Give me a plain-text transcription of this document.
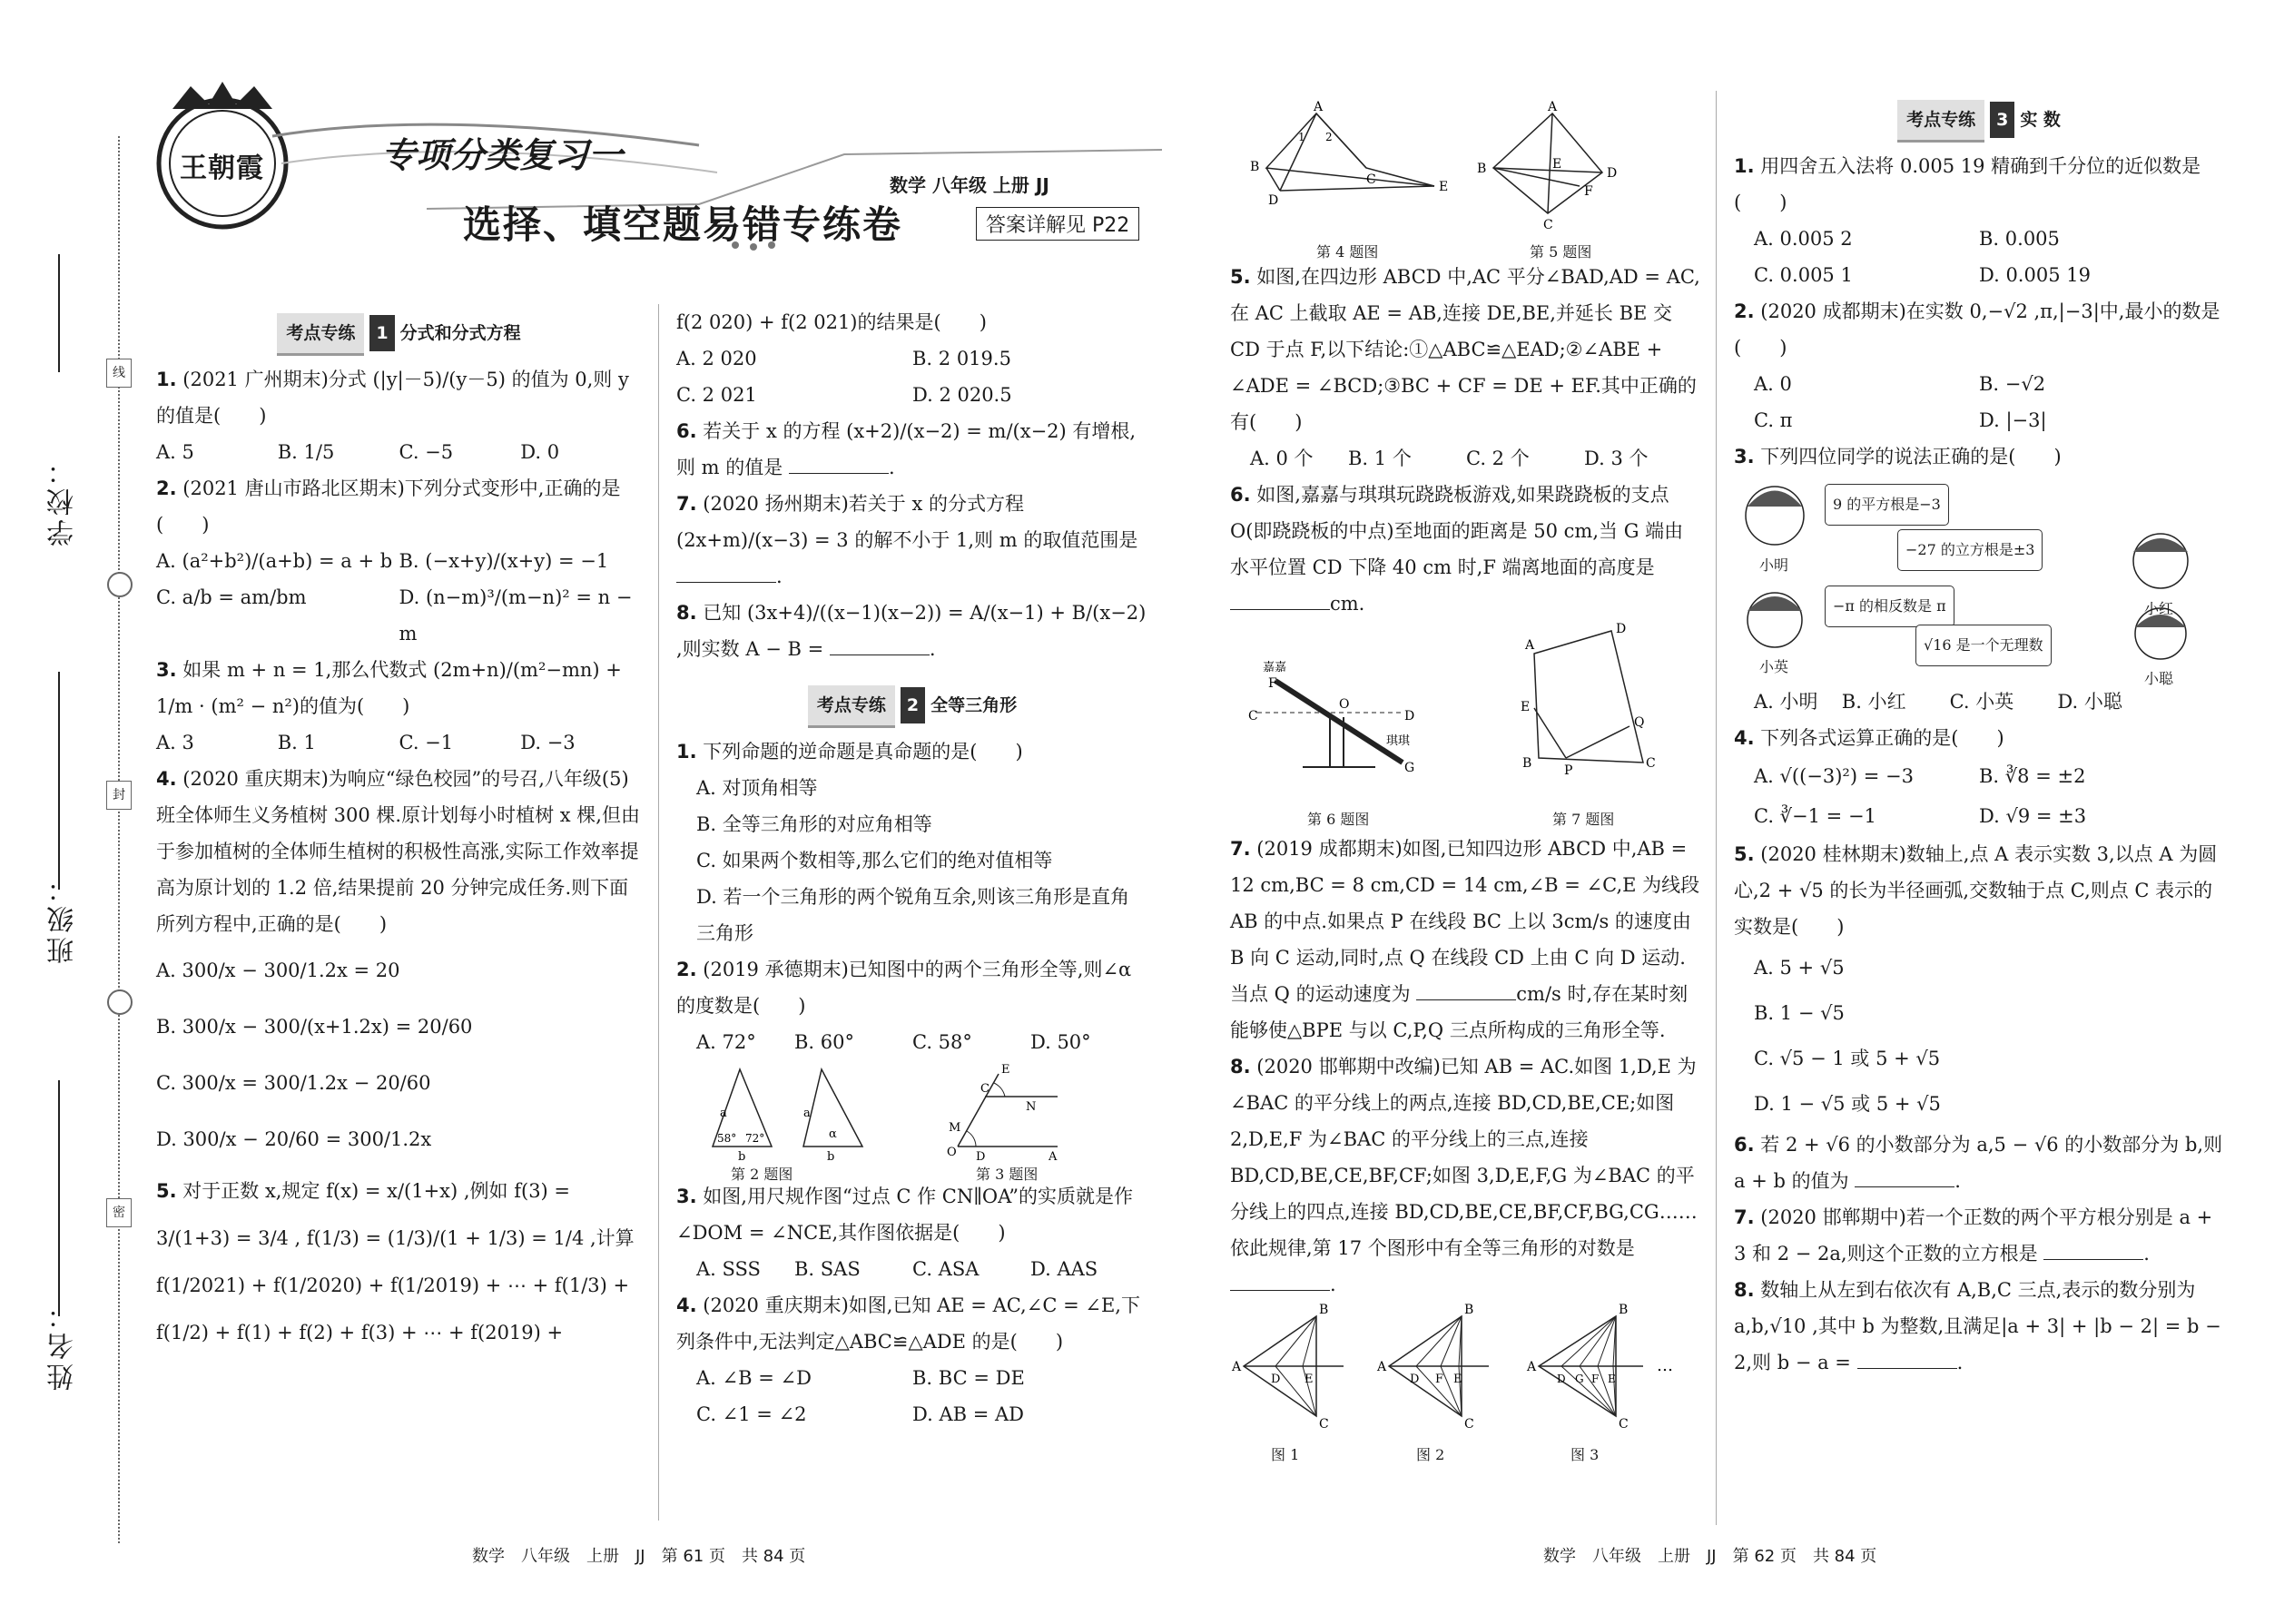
学校：
班级：
姓名：
线
封
密
王朝霞	专项分类复习一
选择、填空题易错专练卷
数学 八年级 上册 JJ
答案详解见 P22
考点专练 1 分式和分式方程

1. (2021 广州期末)分式 (|y|－5)/(y－5) 的值为 0,则 y 的值是(　　)

A. 5	B. 1/5	C. −5	D. 0

2. (2021 唐山市路北区期末)下列分式变形中,正确的是(　　)

A. (a²+b²)/(a+b) = a + b B. (−x+y)/(x+y) = −1
C. a/b = am/bm	D. (n−m)³/(m−n)² = n − m

3. 如果 m + n = 1,那么代数式 (2m+n)/(m²−mn) + 1/m · (m² − n²)的值为(　　)

A. 3	B. 1	C. −1	D. −3

4. (2020 重庆期末)为响应“绿色校园”的号召,八年级(5)班全体师生义务植树 300 棵.原计划每小时植树 x 棵,但由于参加植树的全体师生植树的积极性高涨,实际工作效率提高为原计划的 1.2 倍,结果提前 20 分钟完成任务.则下面所列方程中,正确的是(　　)

A. 300/x − 300/1.2x = 20
B. 300/x − 300/(x+1.2x) = 20/60
C. 300/x = 300/1.2x − 20/60
D. 300/x − 20/60 = 300/1.2x

5. 对于正数 x,规定 f(x) = x/(1+x) ,例如 f(3) = 3/(1+3) = 3/4 , f(1/3) = (1/3)/(1 + 1/3) = 1/4 ,计算 f(1/2021) + f(1/2020) + f(1/2019) + ⋯ + f(1/3) + f(1/2) + f(1) + f(2) + f(3) + ⋯ + f(2019) +

f(2 020) + f(2 021)的结果是(　　)

A. 2 020	B. 2 019.5
C. 2 021	D. 2 020.5

6. 若关于 x 的方程 (x+2)/(x−2) = m/(x−2) 有增根,则 m 的值是	.

7. (2020 扬州期末)若关于 x 的分式方程 (2x+m)/(x−3) = 3 的解不小于 1,则 m 的取值范围是 .

8. 已知 (3x+4)/((x−1)(x−2)) = A/(x−1) + B/(x−2) ,则实数 A − B =	.

考点专练 2 全等三角形

1. 下列命题的逆命题是真命题的是(　　)

A. 对顶角相等
B. 全等三角形的对应角相等
C. 如果两个数相等,那么它们的绝对值相等
D. 若一个三角形的两个锐角互余,则该三角形是直角三角形

2. (2019 承德期末)已知图中的两个三角形全等,则∠α 的度数是(　　)

A. 72°	B. 60°	C. 58°	D. 50°
a
b
58° 72°
a
b
α
O	A
M
C
E
N
D
第 2 题图	第 3 题图

3. 如图,用尺规作图“过点 C 作 CN∥OA”的实质就是作∠DOM = ∠NCE,其作图依据是(　　)

A. SSS	B. SAS	C. ASA	D. AAS

4. (2020 重庆期末)如图,已知 AE = AC,∠C = ∠E,下列条件中,无法判定△ABC≌△ADE 的是(　　)

A. ∠B = ∠D	B. BC = DE
C. ∠1 = ∠2	D. AB = AD
A
B
D
C	E
1 2
A
B
C
D
E
F
第 4 题图	第 5 题图

5. 如图,在四边形 ABCD 中,AC 平分∠BAD,AD = AC,在 AC 上截取 AE = AB,连接 DE,BE,并延长 BE 交 CD 于点 F,以下结论:①△ABC≌△EAD;②∠ABE + ∠ADE = ∠BCD;③BC + CF = DE + EF.其中正确的有(　　)

A. 0 个	B. 1 个	C. 2 个	D. 3 个

6. 如图,嘉嘉与琪琪玩跷跷板游戏,如果跷跷板的支点 O(即跷跷板的中点)至地面的距离是 50 cm,当 G 端由水平位置 CD 下降 40 cm 时,F 端离地面的高度是 cm.

O
F
C	D
G
嘉嘉
琪琪
A
D
E
B	P	C
Q
第 6 题图	第 7 题图

7. (2019 成都期末)如图,已知四边形 ABCD 中,AB = 12 cm,BC = 8 cm,CD = 14 cm,∠B = ∠C,E 为线段 AB 的中点.如果点 P 在线段 BC 上以 3cm/s 的速度由 B 向 C 运动,同时,点 Q 在线段 CD 上由 C 向 D 运动.当点 Q 的运动速度为	cm/s 时,存在某时刻能够使△BPE 与以 C,P,Q 三点所构成的三角形全等.

8. (2020 邯郸期中改编)已知 AB = AC.如图 1,D,E 为∠BAC 的平分线上的两点,连接 BD,CD,BE,CE;如图 2,D,E,F 为∠BAC 的平分线上的三点,连接 BD,CD,BE,CE,BF,CF;如图 3,D,E,F,G 为∠BAC 的平分线上的四点,连接 BD,CD,BE,CE,BF,CF,BG,CG……依此规律,第 17 个图形中有全等三角形的对数是 .

A
B
C
D E
A
B
C
D F E
A
B
C
D G F E
…
图 1	图 2	图 3
考点专练 3 实 数

1. 用四舍五入法将 0.005 19 精确到千分位的近似数是(　　)

A. 0.005 2	B. 0.005
C. 0.005 1	D. 0.005 19

2. (2020 成都期末)在实数 0,−√2 ,π,|−3|中,最小的数是(　　)

A. 0	B. −√2
C. π	D. |−3|

3. 下列四位同学的说法正确的是(　　)

9 的平方根是−3
−27 的立方根是±3
−π 的相反数是 π
√16 是一个无理数
小明
小红
小英
小聪
A. 小明	B. 小红	C. 小英	D. 小聪

4. 下列各式运算正确的是(　　)

A. √((−3)²) = −3	B. ∛8 = ±2
C. ∛−1 = −1	D. √9 = ±3

5. (2020 桂林期末)数轴上,点 A 表示实数 3,以点 A 为圆心,2 + √5 的长为半径画弧,交数轴于点 C,则点 C 表示的实数是(　　)

A. 5 + √5
B. 1 − √5
C. √5 − 1 或 5 + √5
D. 1 − √5 或 5 + √5

6. 若 2 + √6 的小数部分为 a,5 − √6 的小数部分为 b,则 a + b 的值为	.

7. (2020 邯郸期中)若一个正数的两个平方根分别是 a + 3 和 2 − 2a,则这个正数的立方根是	.

8. 数轴上从左到右依次有 A,B,C 三点,表示的数分别为 a,b,√10 ,其中 b 为整数,且满足|a + 3| + |b − 2| = b − 2,则 b − a =	.

数学　八年级　上册　JJ　第 61 页　共 84 页	数学　八年级　上册　JJ　第 62 页　共 84 页
